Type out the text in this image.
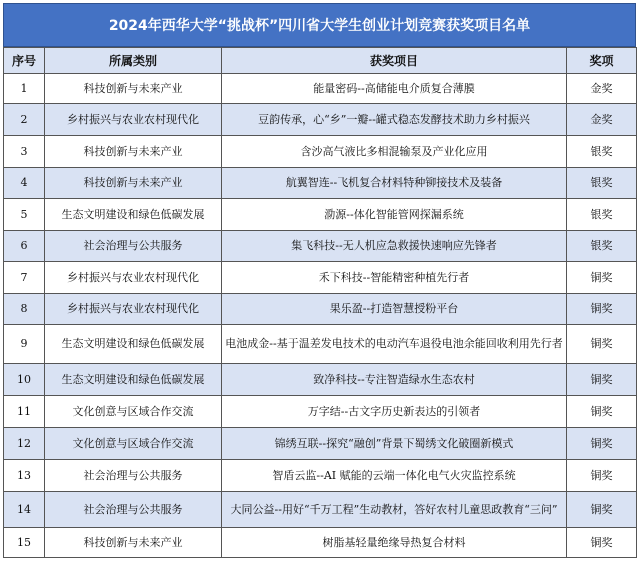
2024年西华大学“挑战杯”四川省大学生创业计划竞赛获奖项目名单
序号	所属类别	获奖项目	奖项
1	科技创新与未来产业	能量密码--高储能电介质复合薄膜	金奖
2	乡村振兴与农业农村现代化	豆韵传承，心“乡”一瓣--罐式稳态发酵技术助力乡村振兴	金奖
3	科技创新与未来产业	含沙高气液比多相混输泵及产业化应用	银奖
4	科技创新与未来产业	航翼智连--飞机复合材料特种铆接技术及装备	银奖
5	生态文明建设和绿色低碳发展	泐源--体化智能管网探漏系统	银奖
6	社会治理与公共服务	集飞科技--无人机应急救援快速响应先锋者	银奖
7	乡村振兴与农业农村现代化	禾下科技--智能精密种植先行者	铜奖
8	乡村振兴与农业农村现代化	果乐盈--打造智慧授粉平台	铜奖
9	生态文明建设和绿色低碳发展	电池成金--基于温差发电技术的电动汽车退役电池余能回收利用先行者	铜奖
10	生态文明建设和绿色低碳发展	致净科技--专注智造绿水生态农村	铜奖
11	文化创意与区域合作交流	万字结--古文字历史新表达的引领者	铜奖
12	文化创意与区域合作交流	锦绣互联--探究“融创”背景下蜀绣文化破圈新模式	铜奖
13	社会治理与公共服务	智盾云监--AI 赋能的云端一体化电气火灾监控系统	铜奖
14	社会治理与公共服务	大同公益--用好“千万工程”生动教材，答好农村儿童思政教育“三问”	铜奖
15	科技创新与未来产业	树脂基轻量绝缘导热复合材料	铜奖
